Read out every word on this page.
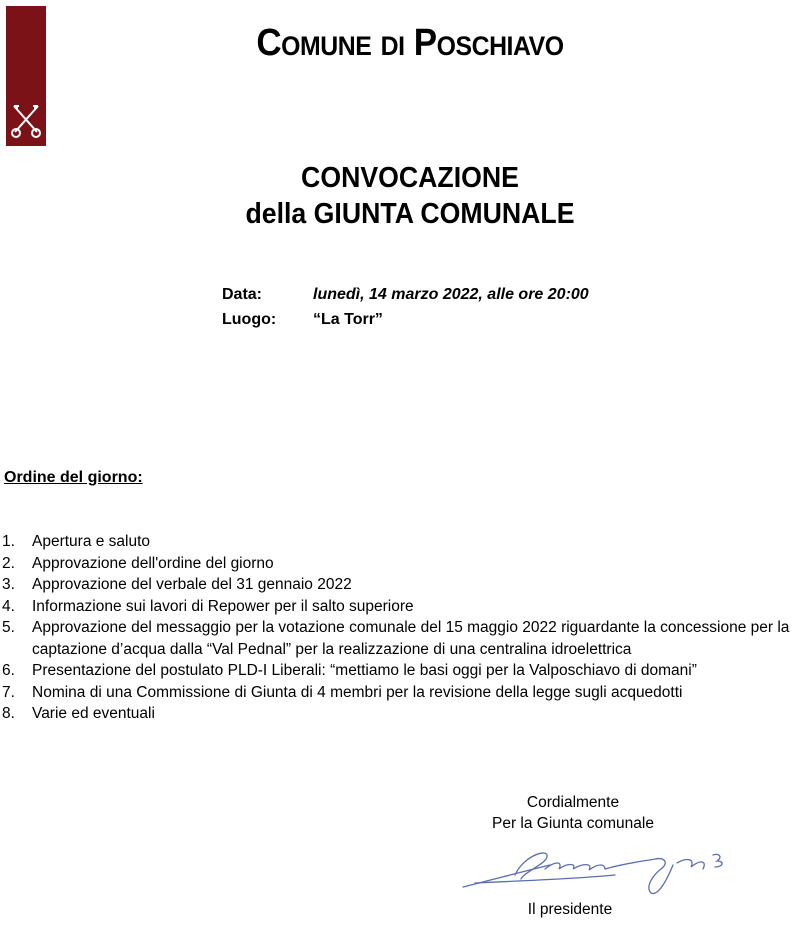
Comune di Poschiavo
CONVOCAZIONE
della GIUNTA COMUNALE
Data:	lunedì, 14 marzo 2022, alle ore 20:00
Luogo: “La Torr”
Ordine del giorno:
1. Apertura e saluto
2. Approvazione dell'ordine del giorno
3. Approvazione del verbale del 31 gennaio 2022
4. Informazione sui lavori di Repower per il salto superiore
5. Approvazione del messaggio per la votazione comunale del 15 maggio 2022 riguardante la concessione per la captazione d’acqua dalla “Val Pednal” per la realizzazione di una centralina idroelettrica
6. Presentazione del postulato PLD-I Liberali: “mettiamo le basi oggi per la Valposchiavo di domani”
7. Nomina di una Commissione di Giunta di 4 membri per la revisione della legge sugli acquedotti
8. Varie ed eventuali
Cordialmente
Per la Giunta comunale
Il presidente
